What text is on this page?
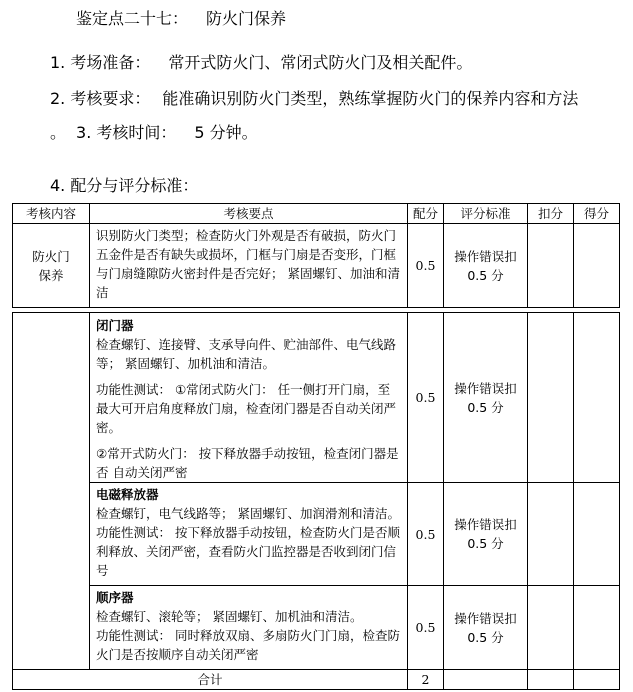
鉴定点二十七： 防火门保养
1. 考场准备： 常开式防火门、常闭式防火门及相关配件。
2. 考核要求： 能准确识别防火门类型，熟练掌握防火门的保养内容和方法
。 3. 考核时间： 5 分钟。
4. 配分与评分标准：
考核内容	考核要点	配分	评分标准	扣分	得分
防火门保养	识别防火门类型；检查防火门外观是否有破损，防火门五金件是否有缺失或损坏，门框与门扇是否变形，门框与门扇缝隙防火密封件是否完好； 紧固螺钉、加油和清洁	0.5	操作错误扣 0.5 分		

	闭门器
检查螺钉、连接臂、支承导向件、贮油部件、电气线路等； 紧固螺钉、加机油和清洁。
功能性测试： ①常闭式防火门： 任一侧打开门扇，至最大可开启角度释放门扇，检查闭门器是否自动关闭严密。
②常开式防火门： 按下释放器手动按钮，检查闭门器是否 自动关闭严密	0.5	操作错误扣 0.5 分		

	电磁释放器
检查螺钉，电气线路等； 紧固螺钉、加润滑剂和清洁。功能性测试： 按下释放器手动按钮，检查防火门是否顺利释放、关闭严密，查看防火门监控器是否收到闭门信号	0.5	操作错误扣 0.5 分		

	顺序器
检查螺钉、滚轮等； 紧固螺钉、加机油和清洁。
功能性测试： 同时释放双扇、多扇防火门门扇，检查防火门是否按顺序自动关闭严密	0.5	操作错误扣 0.5 分		
合计		2			
